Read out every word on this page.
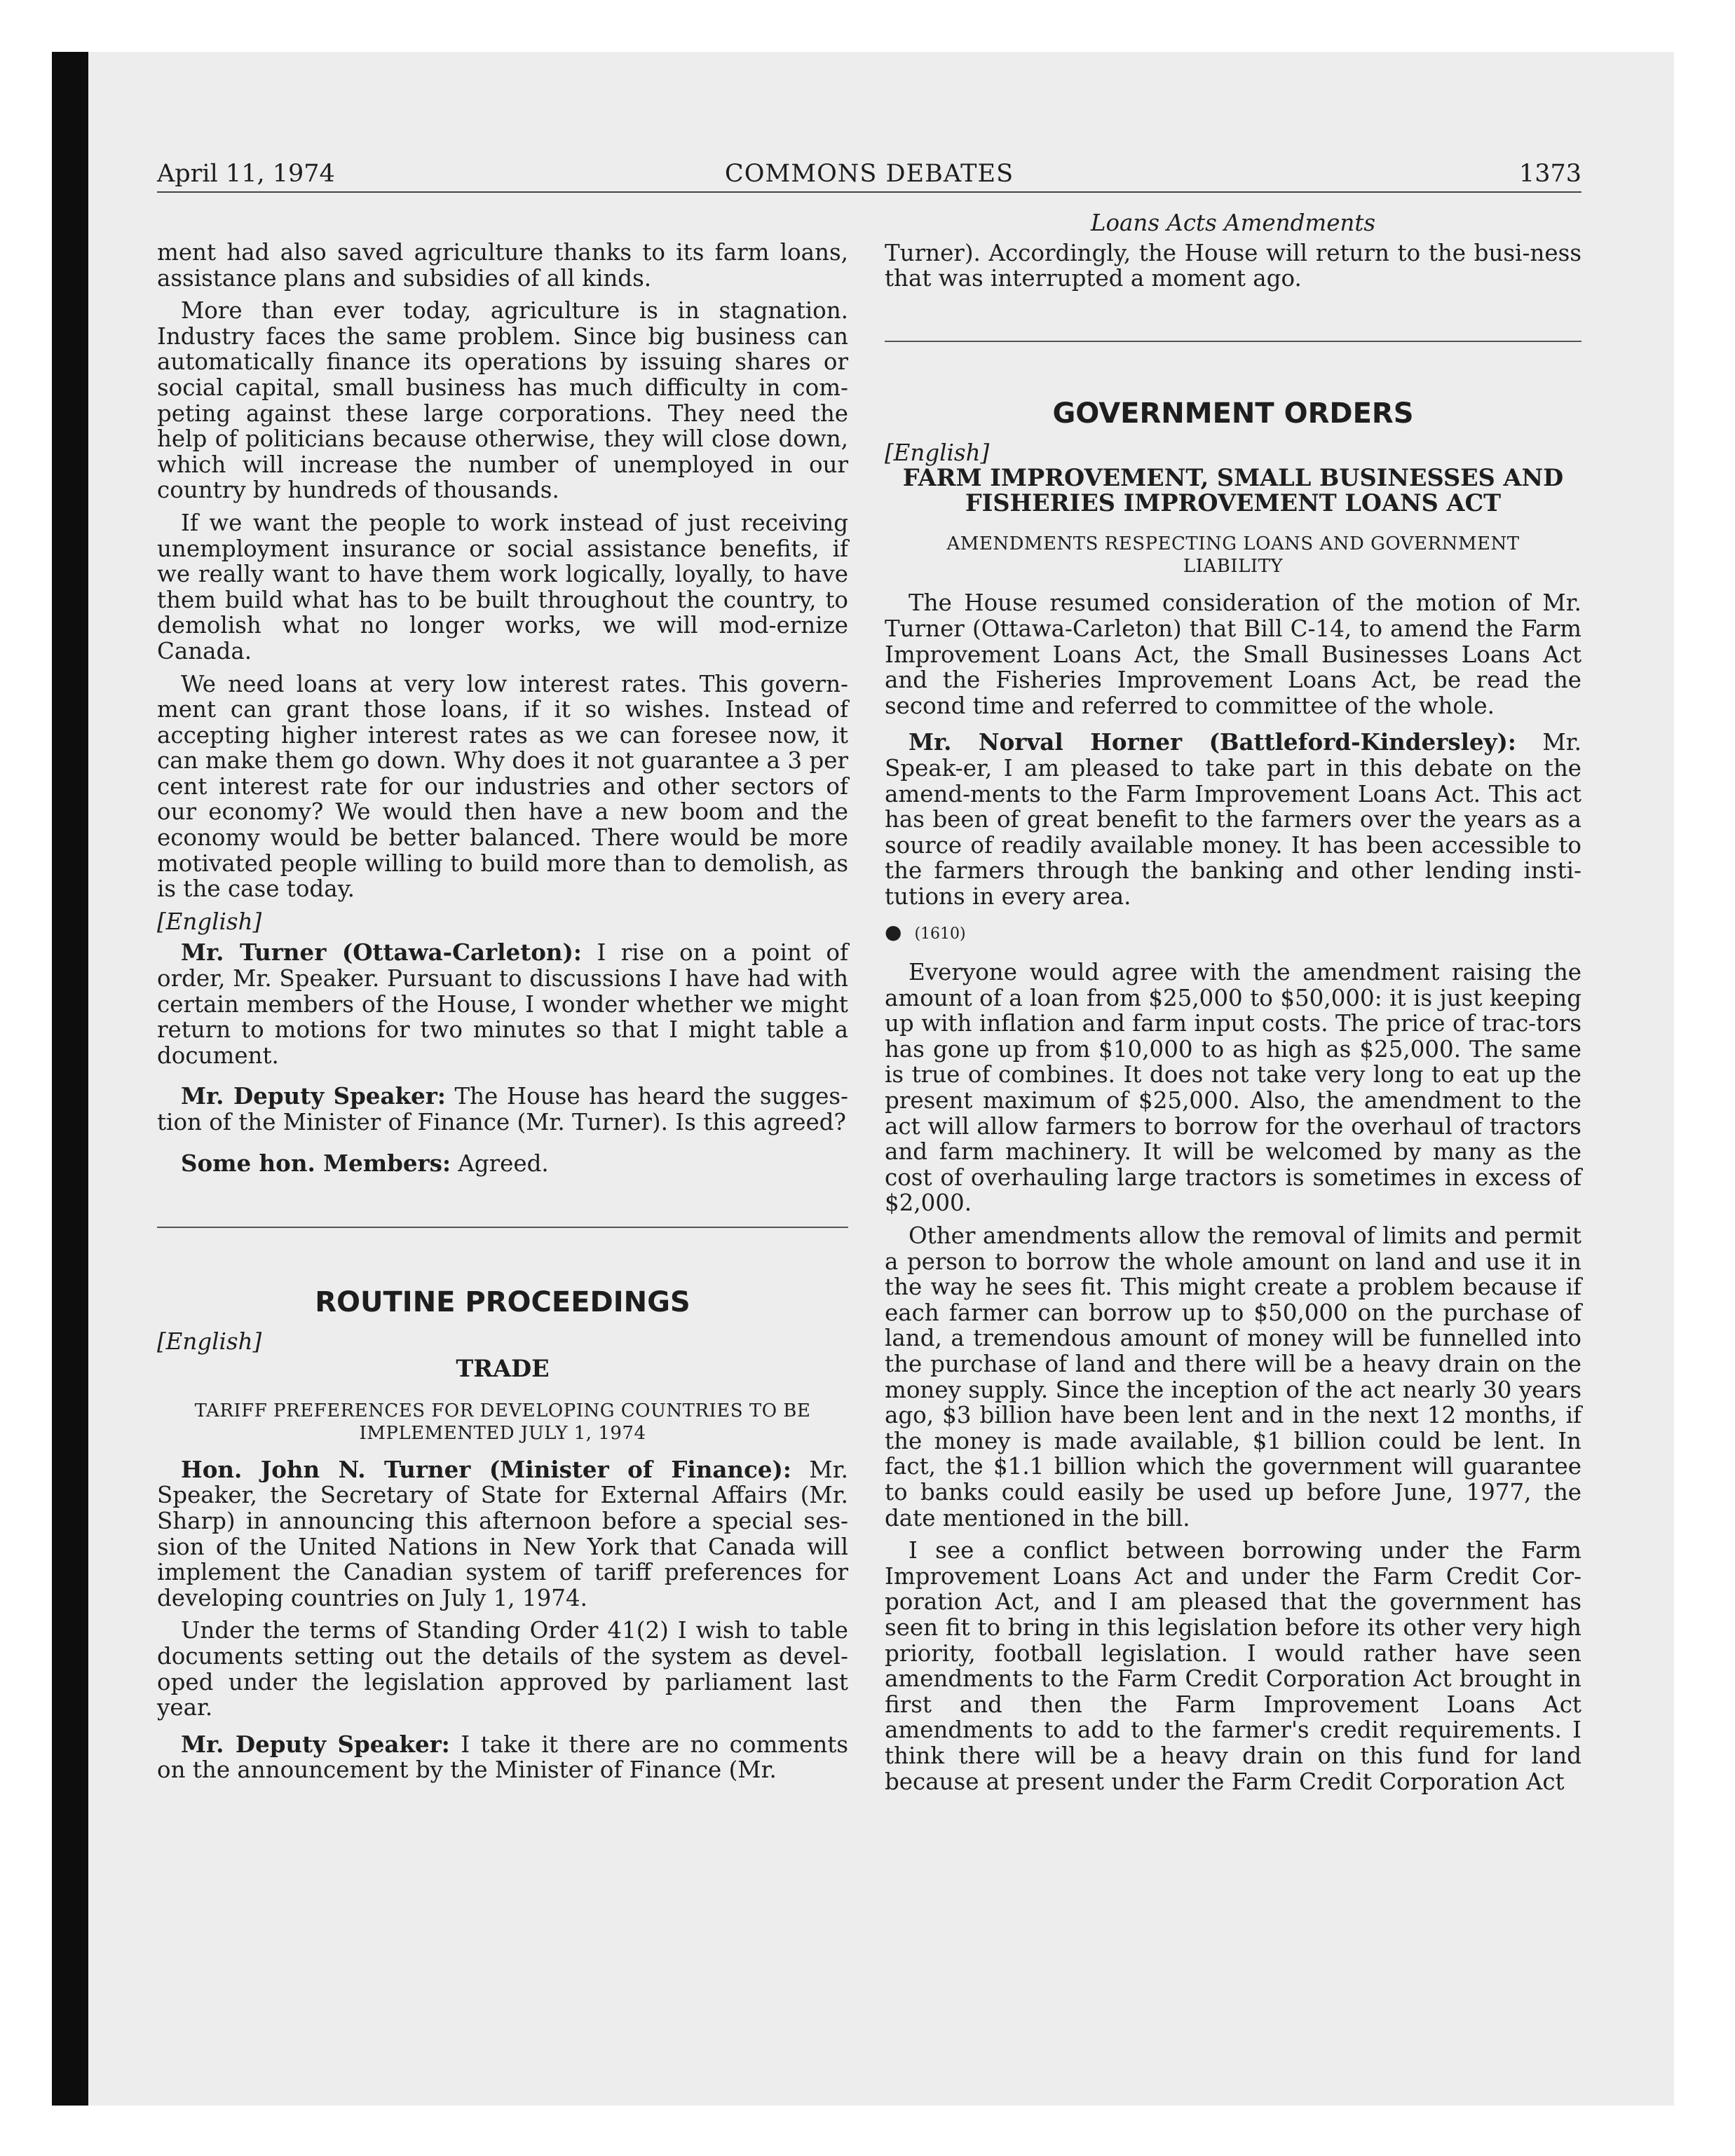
April 11, 1974	COMMONS DEBATES	1373

ment had also saved agriculture thanks to its farm loans, assistance plans and subsidies of all kinds.

More than ever today, agriculture is in stagnation. Industry faces the same problem. Since big business can automatically finance its operations by issuing shares or social capital, small business has much difficulty in com-peting against these large corporations. They need the help of politicians because otherwise, they will close down, which will increase the number of unemployed in our country by hundreds of thousands.

If we want the people to work instead of just receiving unemployment insurance or social assistance benefits, if we really want to have them work logically, loyally, to have them build what has to be built throughout the country, to demolish what no longer works, we will mod-ernize Canada.

We need loans at very low interest rates. This govern-ment can grant those loans, if it so wishes. Instead of accepting higher interest rates as we can foresee now, it can make them go down. Why does it not guarantee a 3 per cent interest rate for our industries and other sectors of our economy? We would then have a new boom and the economy would be better balanced. There would be more motivated people willing to build more than to demolish, as is the case today.

[English]

Mr. Turner (Ottawa-Carleton): I rise on a point of order, Mr. Speaker. Pursuant to discussions I have had with certain members of the House, I wonder whether we might return to motions for two minutes so that I might table a document.

Mr. Deputy Speaker: The House has heard the sugges-tion of the Minister of Finance (Mr. Turner). Is this agreed?

Some hon. Members: Agreed.

ROUTINE PROCEEDINGS
[English]
TRADE
TARIFF PREFERENCES FOR DEVELOPING COUNTRIES TO BE
IMPLEMENTED JULY 1, 1974

Hon. John N. Turner (Minister of Finance): Mr. Speaker, the Secretary of State for External Affairs (Mr. Sharp) in announcing this afternoon before a special ses-sion of the United Nations in New York that Canada will implement the Canadian system of tariff preferences for developing countries on July 1, 1974.

Under the terms of Standing Order 41(2) I wish to table documents setting out the details of the system as devel-oped under the legislation approved by parliament last year.

Mr. Deputy Speaker: I take it there are no comments on the announcement by the Minister of Finance (Mr.

Loans Acts Amendments

Turner). Accordingly, the House will return to the busi-ness that was interrupted a moment ago.

GOVERNMENT ORDERS
[English]
FARM IMPROVEMENT, SMALL BUSINESSES AND
FISHERIES IMPROVEMENT LOANS ACT
AMENDMENTS RESPECTING LOANS AND GOVERNMENT
LIABILITY

The House resumed consideration of the motion of Mr. Turner (Ottawa-Carleton) that Bill C-14, to amend the Farm Improvement Loans Act, the Small Businesses Loans Act and the Fisheries Improvement Loans Act, be read the second time and referred to committee of the whole.

Mr. Norval Horner (Battleford-Kindersley): Mr. Speak-er, I am pleased to take part in this debate on the amend-ments to the Farm Improvement Loans Act. This act has been of great benefit to the farmers over the years as a source of readily available money. It has been accessible to the farmers through the banking and other lending insti-tutions in every area.

● (1610)

Everyone would agree with the amendment raising the amount of a loan from $25,000 to $50,000: it is just keeping up with inflation and farm input costs. The price of trac-tors has gone up from $10,000 to as high as $25,000. The same is true of combines. It does not take very long to eat up the present maximum of $25,000. Also, the amendment to the act will allow farmers to borrow for the overhaul of tractors and farm machinery. It will be welcomed by many as the cost of overhauling large tractors is sometimes in excess of $2,000.

Other amendments allow the removal of limits and permit a person to borrow the whole amount on land and use it in the way he sees fit. This might create a problem because if each farmer can borrow up to $50,000 on the purchase of land, a tremendous amount of money will be funnelled into the purchase of land and there will be a heavy drain on the money supply. Since the inception of the act nearly 30 years ago, $3 billion have been lent and in the next 12 months, if the money is made available, $1 billion could be lent. In fact, the $1.1 billion which the government will guarantee to banks could easily be used up before June, 1977, the date mentioned in the bill.

I see a conflict between borrowing under the Farm Improvement Loans Act and under the Farm Credit Cor-poration Act, and I am pleased that the government has seen fit to bring in this legislation before its other very high priority, football legislation. I would rather have seen amendments to the Farm Credit Corporation Act brought in first and then the Farm Improvement Loans Act amendments to add to the farmer's credit requirements. I think there will be a heavy drain on this fund for land because at present under the Farm Credit Corporation Act
